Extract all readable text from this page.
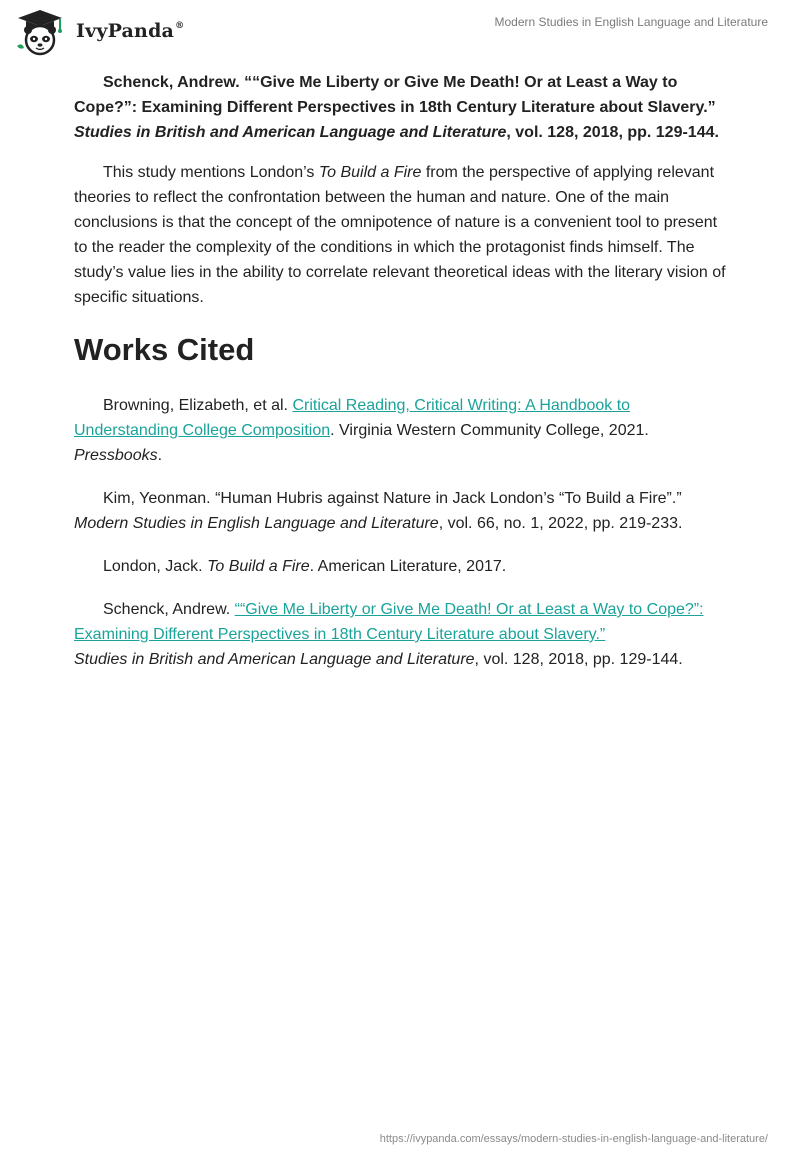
IvyPanda®	Modern Studies in English Language and Literature

Schenck, Andrew. ““Give Me Liberty or Give Me Death! Or at Least a Way to Cope?”: Examining Different Perspectives in 18th Century Literature about Slavery.” Studies in British and American Language and Literature, vol. 128, 2018, pp. 129-144.

This study mentions London’s To Build a Fire from the perspective of applying relevant theories to reflect the confrontation between the human and nature. One of the main conclusions is that the concept of the omnipotence of nature is a convenient tool to present to the reader the complexity of the conditions in which the protagonist finds himself. The study’s value lies in the ability to correlate relevant theoretical ideas with the literary vision of specific situations.

Works Cited

Browning, Elizabeth, et al. Critical Reading, Critical Writing: A Handbook to Understanding College Composition. Virginia Western Community College, 2021. Pressbooks.

Kim, Yeonman. “Human Hubris against Nature in Jack London’s “To Build a Fire”.” Modern Studies in English Language and Literature, vol. 66, no. 1, 2022, pp. 219-233.

London, Jack. To Build a Fire. American Literature, 2017.

Schenck, Andrew. ““Give Me Liberty or Give Me Death! Or at Least a Way to Cope?”: Examining Different Perspectives in 18th Century Literature about Slavery.”
Studies in British and American Language and Literature, vol. 128, 2018, pp. 129-144.

https://ivypanda.com/essays/modern-studies-in-english-language-and-literature/
